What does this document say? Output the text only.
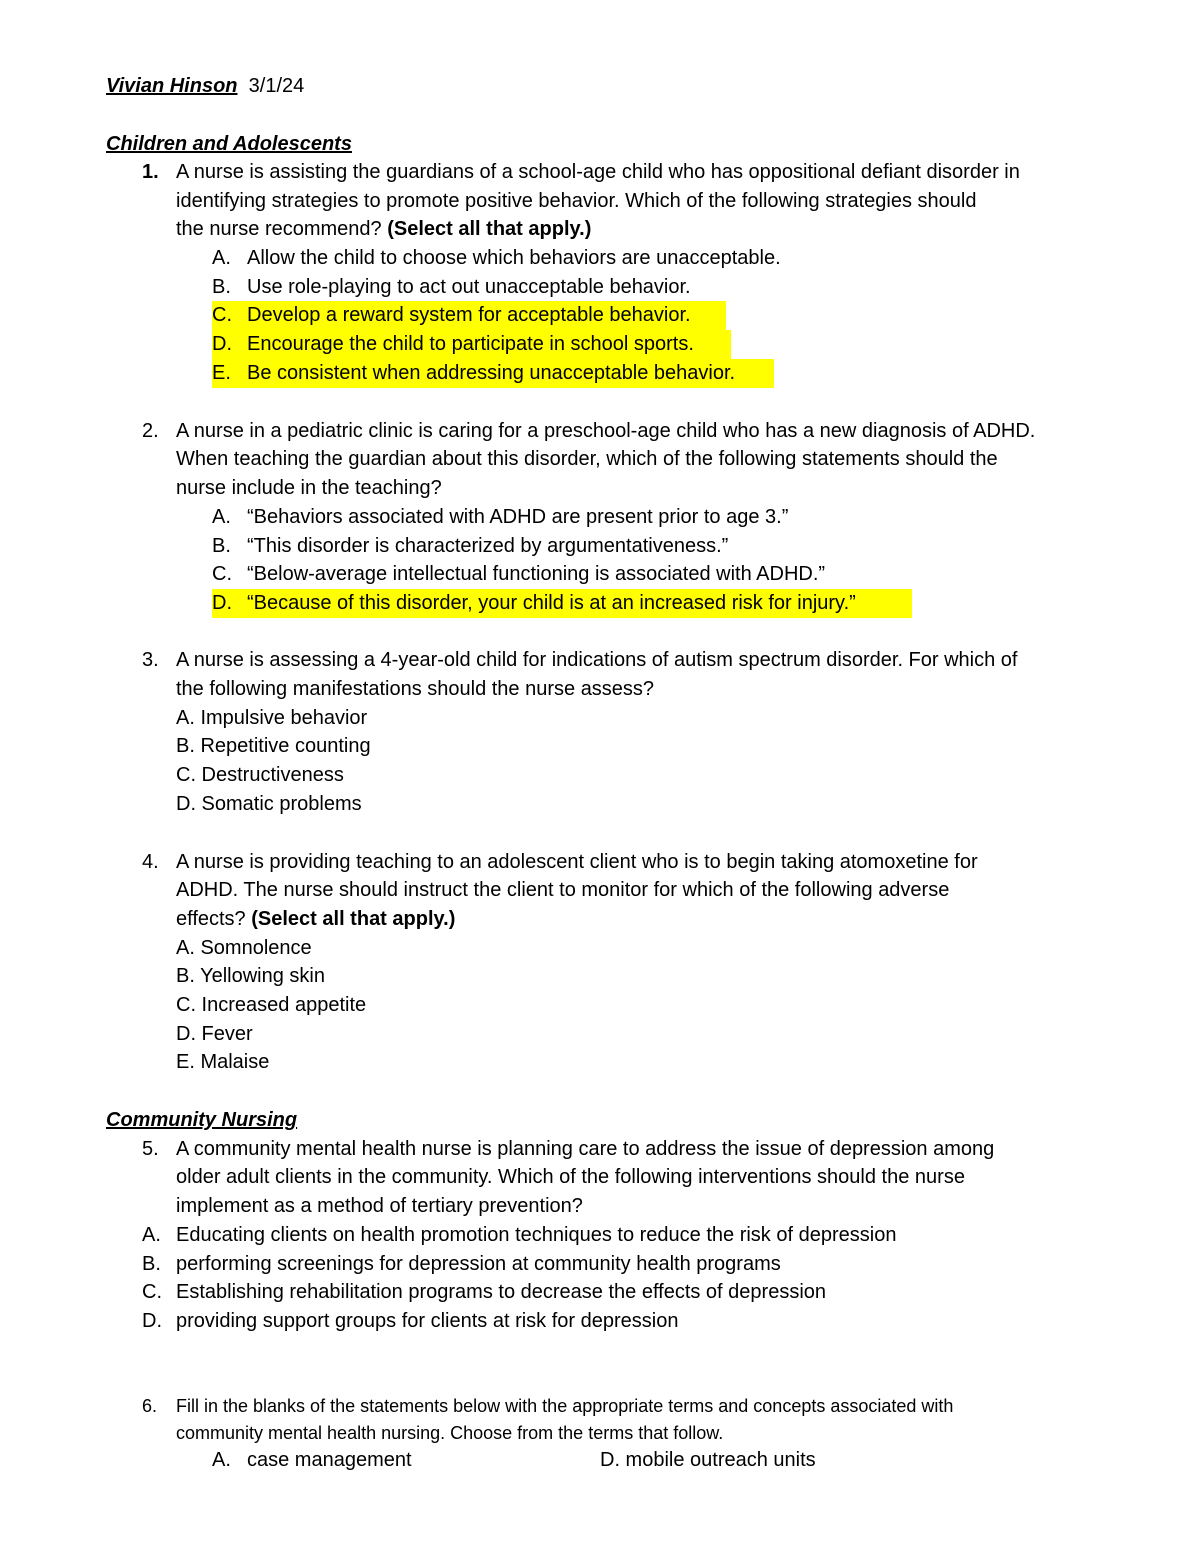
Vivian Hinson 3/1/24
Children and Adolescents
1. A nurse is assisting the guardians of a school-age child who has oppositional defiant disorder in
identifying strategies to promote positive behavior. Which of the following strategies should
the nurse recommend? (Select all that apply.)
A. Allow the child to choose which behaviors are unacceptable.
B. Use role-playing to act out unacceptable behavior.
C. Develop a reward system for acceptable behavior.
D. Encourage the child to participate in school sports.
E. Be consistent when addressing unacceptable behavior.
2. A nurse in a pediatric clinic is caring for a preschool-age child who has a new diagnosis of ADHD.
When teaching the guardian about this disorder, which of the following statements should the
nurse include in the teaching?
A. “Behaviors associated with ADHD are present prior to age 3.”
B. “This disorder is characterized by argumentativeness.”
C. “Below-average intellectual functioning is associated with ADHD.”
D. “Because of this disorder, your child is at an increased risk for injury.”
3. A nurse is assessing a 4-year-old child for indications of autism spectrum disorder. For which of
the following manifestations should the nurse assess?
A. Impulsive behavior
B. Repetitive counting
C. Destructiveness
D. Somatic problems
4. A nurse is providing teaching to an adolescent client who is to begin taking atomoxetine for
ADHD. The nurse should instruct the client to monitor for which of the following adverse
effects? (Select all that apply.)
A. Somnolence
B. Yellowing skin
C. Increased appetite
D. Fever
E. Malaise
Community Nursing
5. A community mental health nurse is planning care to address the issue of depression among
older adult clients in the community. Which of the following interventions should the nurse
implement as a method of tertiary prevention?
A. Educating clients on health promotion techniques to reduce the risk of depression
B. performing screenings for depression at community health programs
C. Establishing rehabilitation programs to decrease the effects of depression
D. providing support groups for clients at risk for depression
6. Fill in the blanks of the statements below with the appropriate terms and concepts associated with
community mental health nursing. Choose from the terms that follow.
A. case management	D. mobile outreach units
